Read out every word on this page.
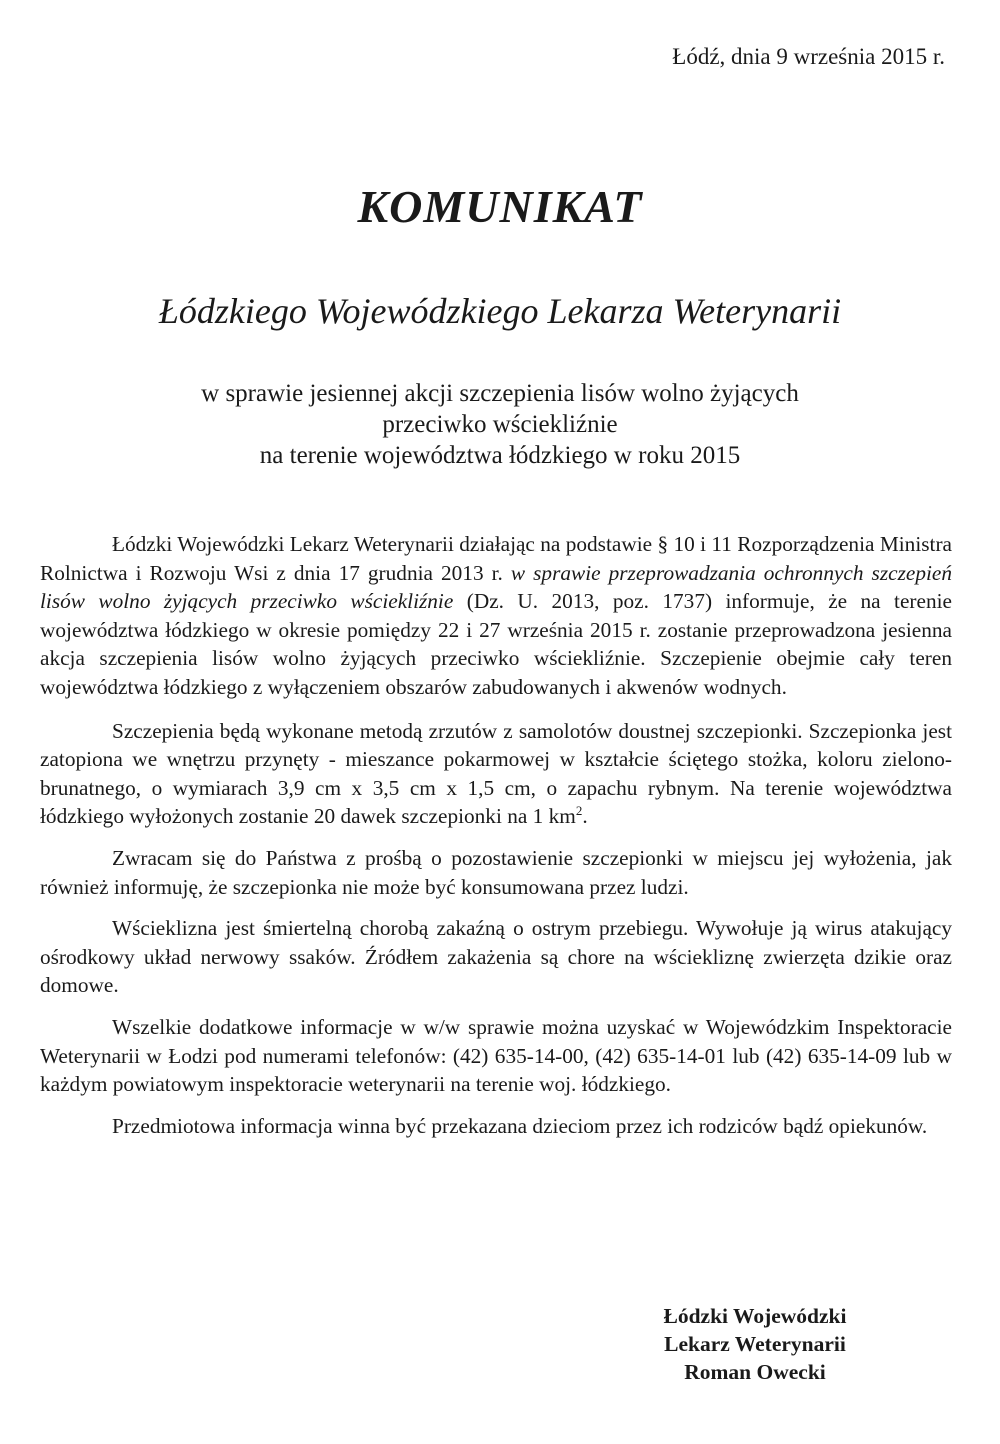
Łódź, dnia 9 września 2015 r.
KOMUNIKAT
Łódzkiego Wojewódzkiego Lekarza Weterynarii
w sprawie jesiennej akcji szczepienia lisów wolno żyjących
przeciwko wściekliźnie
na terenie województwa łódzkiego w roku 2015

Łódzki Wojewódzki Lekarz Weterynarii działając na podstawie § 10 i 11 Rozporządzenia Ministra Rolnictwa i Rozwoju Wsi z dnia 17 grudnia 2013 r. w sprawie przeprowadzania ochronnych szczepień lisów wolno żyjących przeciwko wściekliźnie (Dz. U. 2013, poz. 1737) informuje, że na terenie województwa łódzkiego w okresie pomiędzy 22 i 27 września 2015 r. zostanie przeprowadzona jesienna akcja szczepienia lisów wolno żyjących przeciwko wściekliźnie. Szczepienie obejmie cały teren województwa łódzkiego z wyłączeniem obszarów zabudowanych i akwenów wodnych.

Szczepienia będą wykonane metodą zrzutów z samolotów doustnej szczepionki. Szczepionka jest zatopiona we wnętrzu przynęty - mieszance pokarmowej w kształcie ściętego stożka, koloru zielono-brunatnego, o wymiarach 3,9 cm x 3,5 cm x 1,5 cm, o zapachu rybnym. Na terenie województwa łódzkiego wyłożonych zostanie 20 dawek szczepionki na 1 $km^2$.

Zwracam się do Państwa z prośbą o pozostawienie szczepionki w miejscu jej wyłożenia, jak również informuję, że szczepionka nie może być konsumowana przez ludzi.

Wścieklizna jest śmiertelną chorobą zakaźną o ostrym przebiegu. Wywołuje ją wirus atakujący ośrodkowy układ nerwowy ssaków. Źródłem zakażenia są chore na wściekliznę zwierzęta dzikie oraz domowe.

Wszelkie dodatkowe informacje w w/w sprawie można uzyskać w Wojewódzkim Inspektoracie Weterynarii w Łodzi pod numerami telefonów: (42) 635-14-00, (42) 635-14-01 lub (42) 635-14-09 lub w każdym powiatowym inspektoracie weterynarii na terenie woj. łódzkiego.

Przedmiotowa informacja winna być przekazana dzieciom przez ich rodziców bądź opiekunów.

Łódzki Wojewódzki
Lekarz Weterynarii
Roman Owecki
